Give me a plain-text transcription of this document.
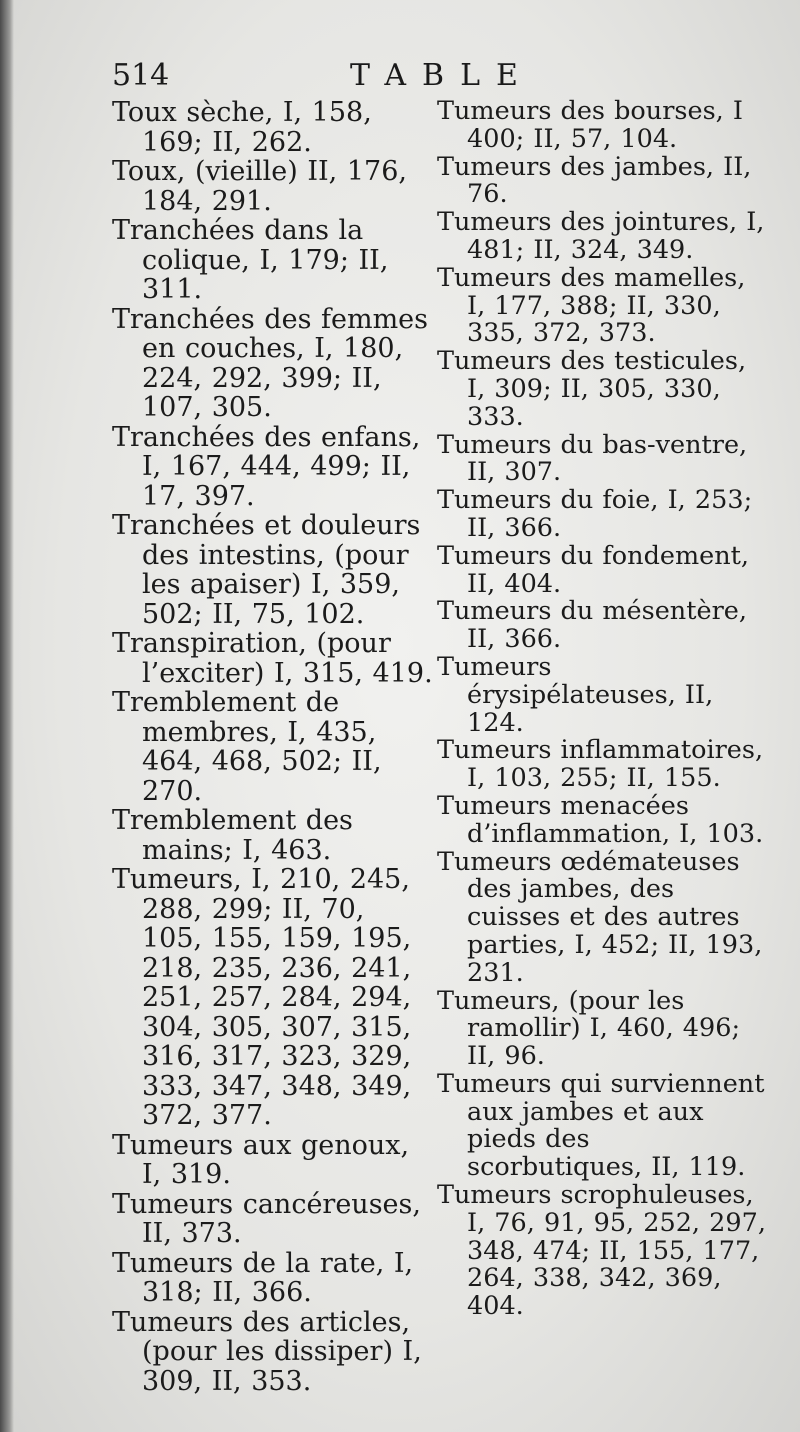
514	TABLE

Toux sèche, I, 158, 169; II, 262.

Toux, (vieille) II, 176, 184, 291.

Tranchées dans la colique, I, 179; II, 311.

Tranchées des femmes en couches, I, 180, 224, 292, 399; II, 107, 305.

Tranchées des enfans, I, 167, 444, 499; II, 17, 397.

Tranchées et douleurs des intestins, (pour les apaiser) I, 359, 502; II, 75, 102.

Transpiration, (pour l’exciter) I, 315, 419.

Tremblement de membres, I, 435, 464, 468, 502; II, 270.

Tremblement des mains; I, 463.

Tumeurs, I, 210, 245, 288, 299; II, 70, 105, 155, 159, 195, 218, 235, 236, 241, 251, 257, 284, 294, 304, 305, 307, 315, 316, 317, 323, 329, 333, 347, 348, 349, 372, 377.

Tumeurs aux genoux, I, 319.

Tumeurs cancéreuses, II, 373.

Tumeurs de la rate, I, 318; II, 366.

Tumeurs des articles, (pour les dissiper) I, 309, II, 353.

Tumeurs des bourses, I 400; II, 57, 104.

Tumeurs des jambes, II, 76.

Tumeurs des jointures, I, 481; II, 324, 349.

Tumeurs des mamelles, I, 177, 388; II, 330, 335, 372, 373.

Tumeurs des testicules, I, 309; II, 305, 330, 333.

Tumeurs du bas-ventre, II, 307.

Tumeurs du foie, I, 253; II, 366.

Tumeurs du fondement, II, 404.

Tumeurs du mésentère, II, 366.

Tumeurs érysipélateuses, II, 124.

Tumeurs inflammatoires, I, 103, 255; II, 155.

Tumeurs menacées d’inflammation, I, 103.

Tumeurs œdémateuses des jambes, des cuisses et des autres parties, I, 452; II, 193, 231.

Tumeurs, (pour les ramollir) I, 460, 496; II, 96.

Tumeurs qui surviennent aux jambes et aux pieds des scorbutiques, II, 119.

Tumeurs scrophuleuses, I, 76, 91, 95, 252, 297, 348, 474; II, 155, 177, 264, 338, 342, 369, 404.
